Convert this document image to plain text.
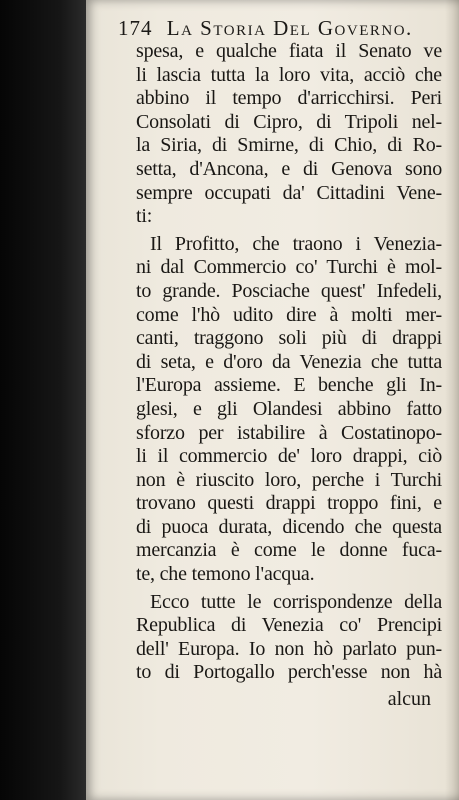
174 La Storia Del Governo.
spesa, e qualche fiata il Senato ve
li lascia tutta la loro vita, acciò che
abbino il tempo d'arricchirsi. Peri
Consolati di Cipro, di Tripoli nel-
la Siria, di Smirne, di Chio, di Ro-
setta, d'Ancona, e di Genova sono
sempre occupati da' Cittadini Vene-
ti:
Il Profitto, che traono i Venezia-
ni dal Commercio co' Turchi è mol-
to grande. Posciache quest' Infedeli,
come l'hò udito dire à molti mer-
canti, traggono soli più di drappi
di seta, e d'oro da Venezia che tutta
l'Europa assieme. E benche gli In-
glesi, e gli Olandesi abbino fatto
sforzo per istabilire à Costatinopo-
li il commercio de' loro drappi, ciò
non è riuscito loro, perche i Turchi
trovano questi drappi troppo fini, e
di puoca durata, dicendo che questa
mercanzia è come le donne fuca-
te, che temono l'acqua.
Ecco tutte le corrispondenze della
Republica di Venezia co' Prencipi
dell' Europa. Io non hò parlato pun-
to di Portogallo perch'esse non hà
alcun
